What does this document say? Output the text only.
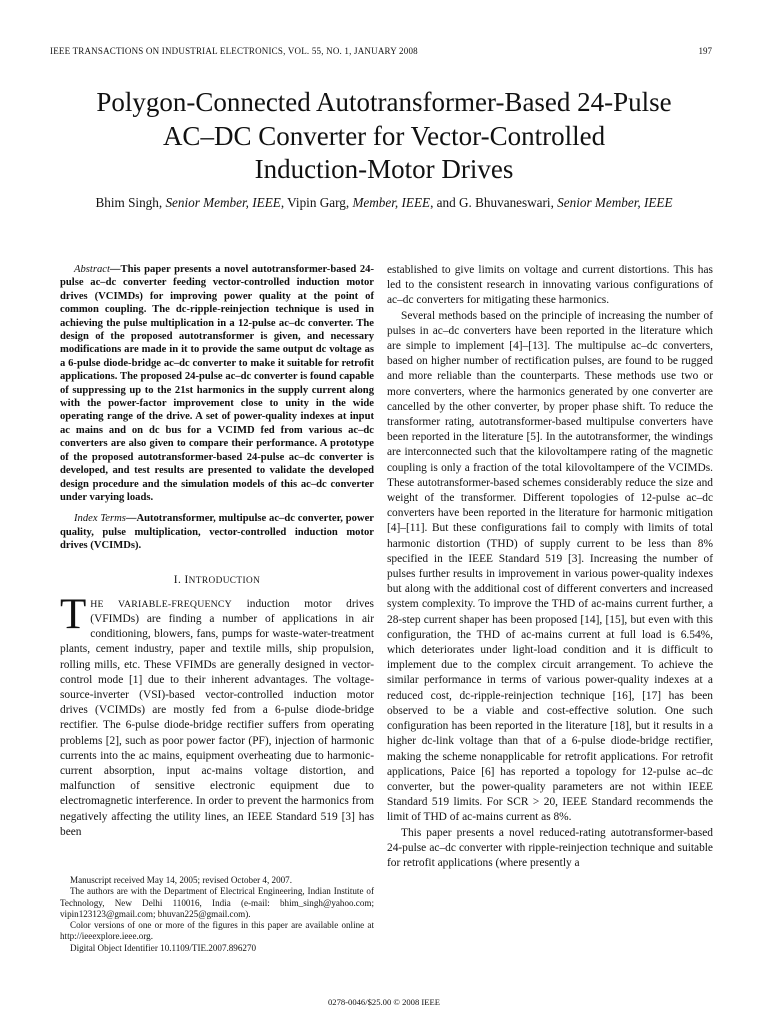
IEEE TRANSACTIONS ON INDUSTRIAL ELECTRONICS, VOL. 55, NO. 1, JANUARY 2008	197
Polygon-Connected Autotransformer-Based 24-Pulse
AC–DC Converter for Vector-Controlled
Induction-Motor Drives
Bhim Singh, Senior Member, IEEE, Vipin Garg, Member, IEEE, and G. Bhuvaneswari, Senior Member, IEEE

Abstract—This paper presents a novel autotransformer-based 24-pulse ac–dc converter feeding vector-controlled induction motor drives (VCIMDs) for improving power quality at the point of common coupling. The dc-ripple-reinjection technique is used in achieving the pulse multiplication in a 12-pulse ac–dc converter. The design of the proposed autotransformer is given, and necessary modifications are made in it to provide the same output dc voltage as a 6-pulse diode-bridge ac–dc converter to make it suitable for retrofit applications. The proposed 24-pulse ac–dc converter is found capable of suppressing up to the 21st harmonics in the supply current along with the power-factor improvement close to unity in the wide operating range of the drive. A set of power-quality indexes at input ac mains and on dc bus for a VCIMD fed from various ac–dc converters are also given to compare their performance. A prototype of the proposed autotransformer-based 24-pulse ac–dc converter is developed, and test results are presented to validate the developed design procedure and the simulation models of this ac–dc converter under varying loads.

Index Terms—Autotransformer, multipulse ac–dc converter, power quality, pulse multiplication, vector-controlled induction motor drives (VCIMDs).

I. INTRODUCTION

THE VARIABLE-FREQUENCY induction motor drives (VFIMDs) are finding a number of applications in air conditioning, blowers, fans, pumps for waste-water-treatment plants, cement industry, paper and textile mills, ship propulsion, rolling mills, etc. These VFIMDs are generally designed in vector-control mode [1] due to their inherent advantages. The voltage-source-inverter (VSI)-based vector-controlled induction motor drives (VCIMDs) are mostly fed from a 6-pulse diode-bridge rectifier. The 6-pulse diode-bridge rectifier suffers from operating problems [2], such as poor power factor (PF), injection of harmonic currents into the ac mains, equipment overheating due to harmonic-current absorption, input ac-mains voltage distortion, and malfunction of sensitive electronic equipment due to electromagnetic interference. In order to prevent the harmonics from negatively affecting the utility lines, an IEEE Standard 519 [3] has been

established to give limits on voltage and current distortions. This has led to the consistent research in innovating various configurations of ac–dc converters for mitigating these harmonics.

Several methods based on the principle of increasing the number of pulses in ac–dc converters have been reported in the literature which are simple to implement [4]–[13]. The multipulse ac–dc converters, based on higher number of rectification pulses, are found to be rugged and more reliable than the counterparts. These methods use two or more converters, where the harmonics generated by one converter are cancelled by the other converter, by proper phase shift. To reduce the transformer rating, autotransformer-based multipulse converters have been reported in the literature [5]. In the autotransformer, the windings are interconnected such that the kilovoltampere rating of the magnetic coupling is only a fraction of the total kilovoltampere of the VCIMDs. These autotransformer-based schemes considerably reduce the size and weight of the transformer. Different topologies of 12-pulse ac–dc converters have been reported in the literature for harmonic mitigation [4]–[11]. But these configurations fail to comply with limits of total harmonic distortion (THD) of supply current to be less than 8% specified in the IEEE Standard 519 [3]. Increasing the number of pulses further results in improvement in various power-quality indexes but along with the additional cost of different converters and increased system complexity. To improve the THD of ac-mains current further, a 28-step current shaper has been proposed [14], [15], but even with this configuration, the THD of ac-mains current at full load is 6.54%, which deteriorates under light-load condition and it is difficult to implement due to the complex circuit arrangement. To achieve the similar performance in terms of various power-quality indexes at a reduced cost, dc-ripple-reinjection technique [16], [17] has been observed to be a viable and cost-effective solution. One such configuration has been reported in the literature [18], but it results in a higher dc-link voltage than that of a 6-pulse diode-bridge rectifier, making the scheme nonapplicable for retrofit applications. For retrofit applications, Paice [6] has reported a topology for 12-pulse ac–dc converter, but the power-quality parameters are not within IEEE Standard 519 limits. For SCR > 20, IEEE Standard recommends the limit of THD of ac-mains current as 8%.

This paper presents a novel reduced-rating autotransformer-based 24-pulse ac–dc converter with ripple-reinjection technique and suitable for retrofit applications (where presently a

Manuscript received May 14, 2005; revised October 4, 2007.

The authors are with the Department of Electrical Engineering, Indian Institute of Technology, New Delhi 110016, India (e-mail: bhim_singh@yahoo.com; vipin123123@gmail.com; bhuvan225@gmail.com).

Color versions of one or more of the figures in this paper are available online at http://ieeexplore.ieee.org.

Digital Object Identifier 10.1109/TIE.2007.896270

0278-0046/$25.00 © 2008 IEEE
